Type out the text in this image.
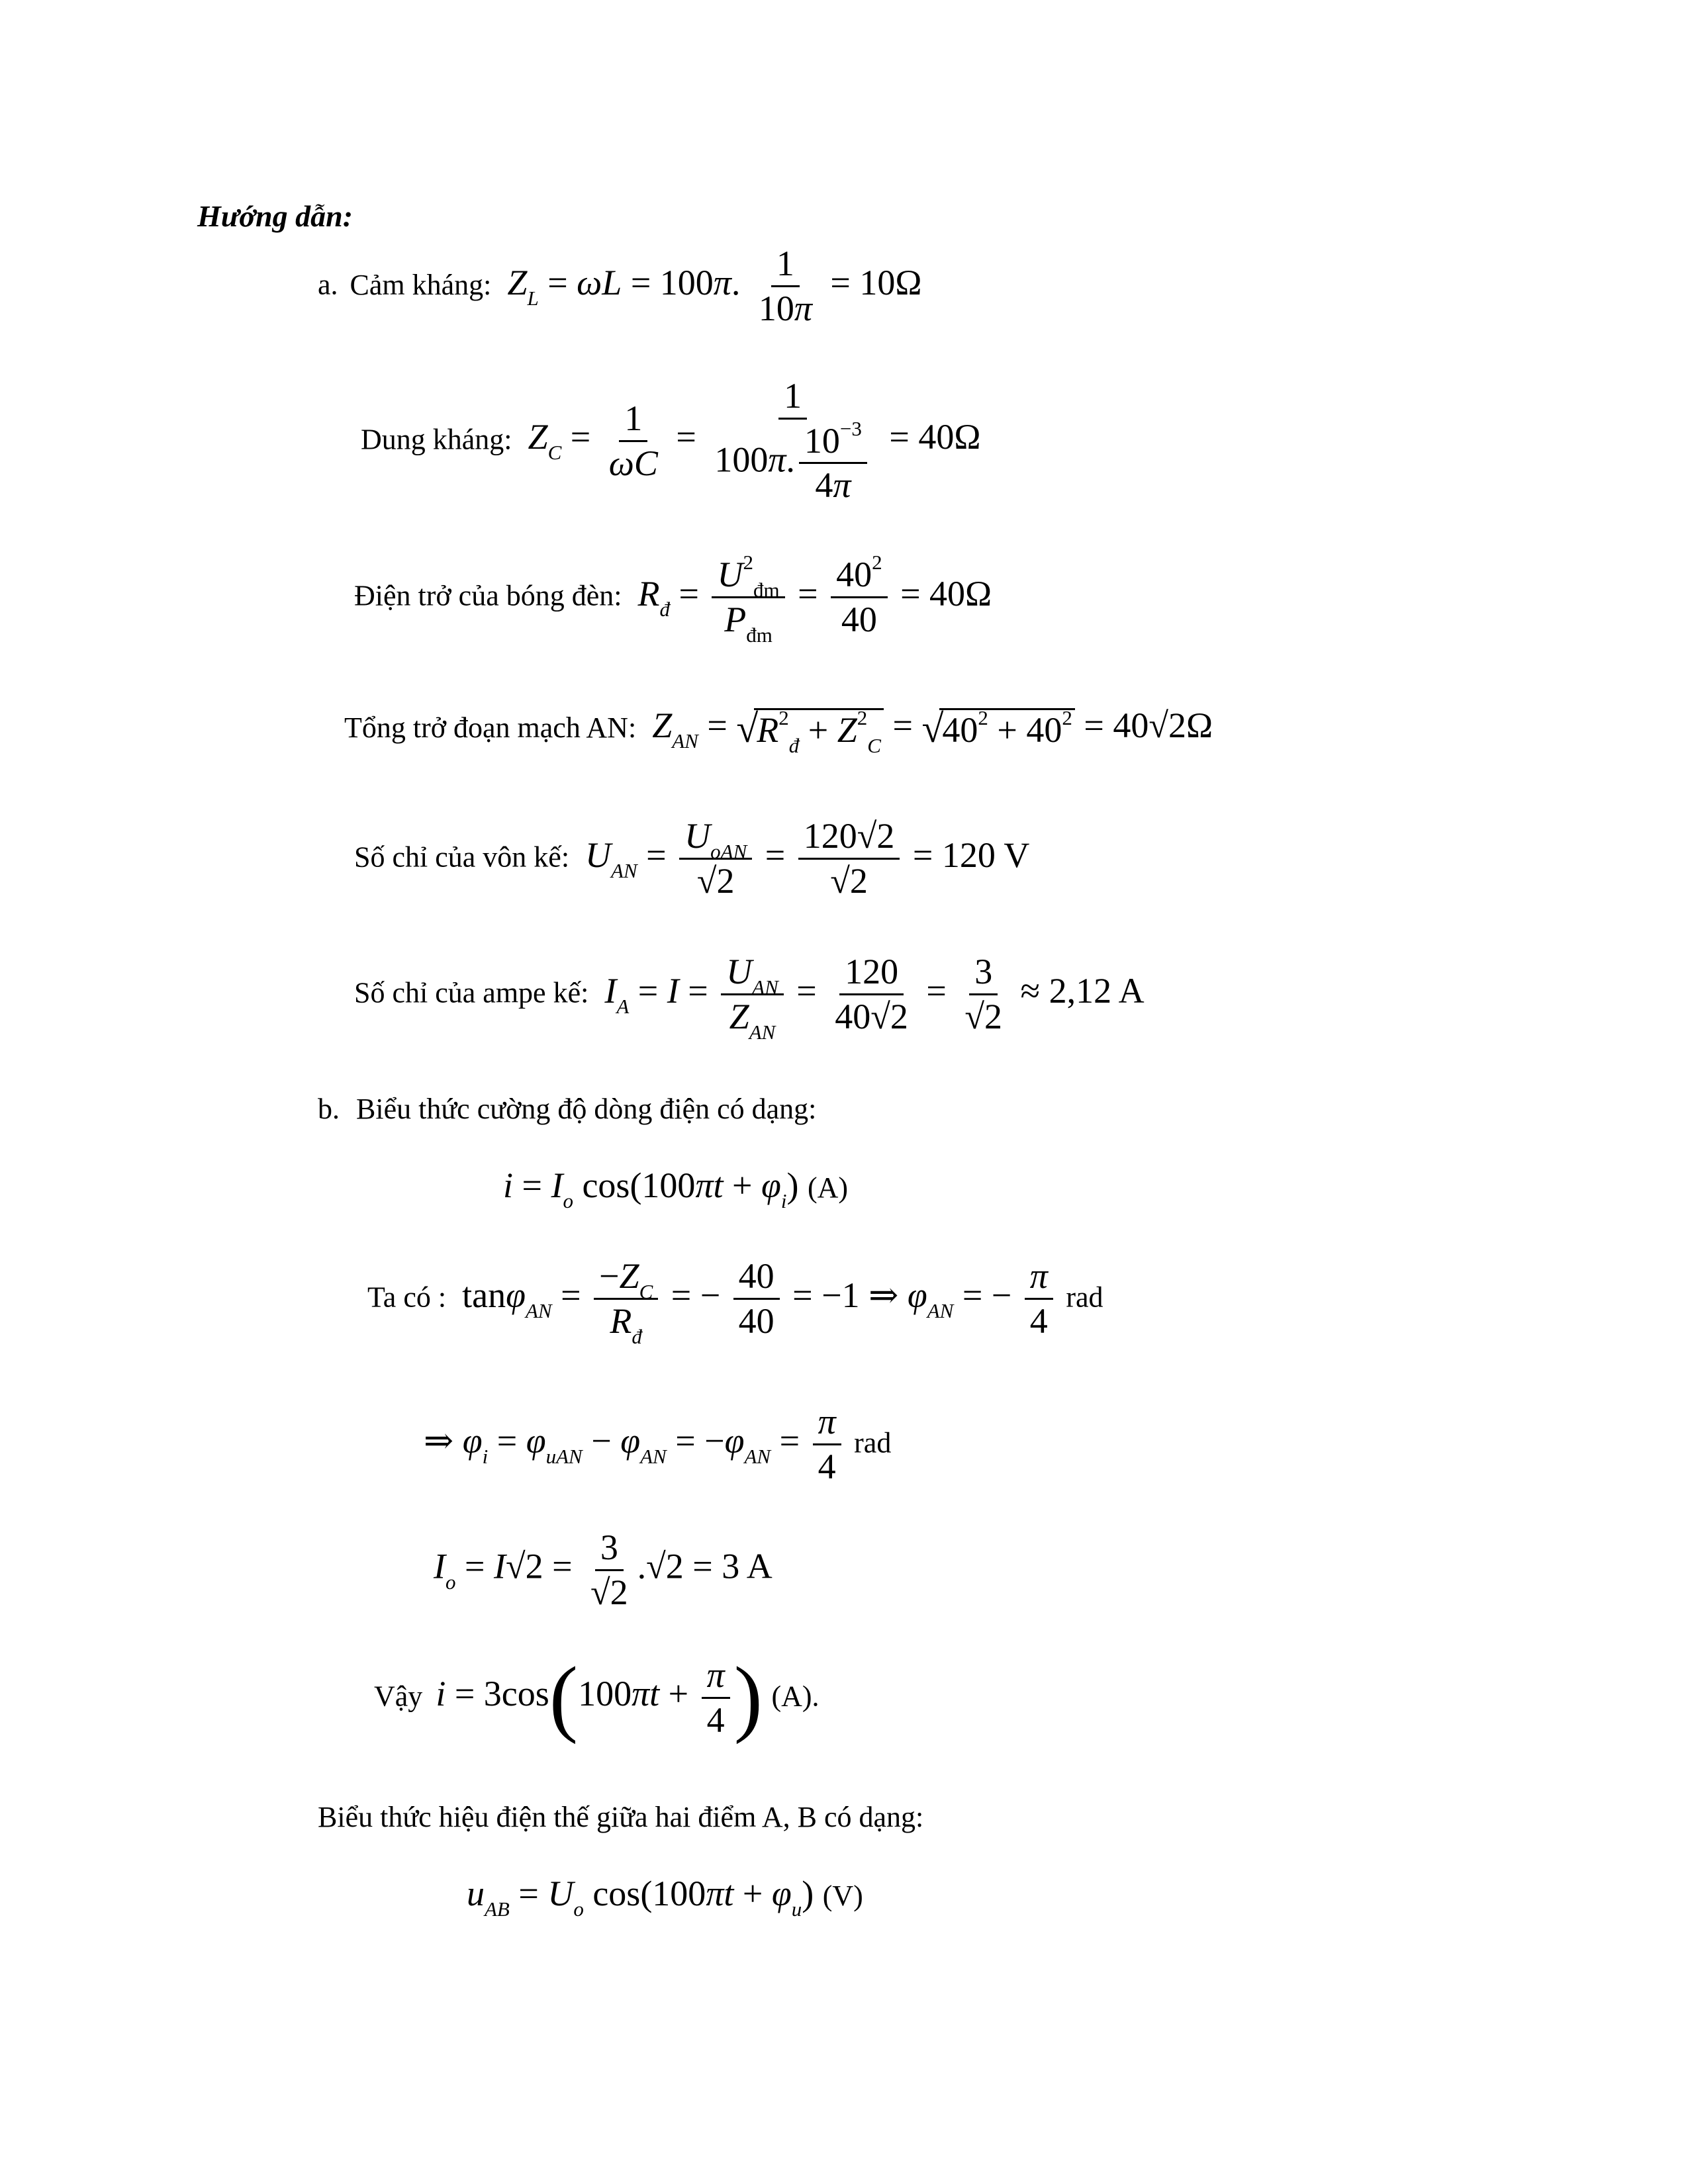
Hướng dẫn:
a. Cảm kháng: $Z_L = \omega L = 100\pi$. $\frac{1}{10\pi} = 10\Omega$
Dung kháng: $Z_C = \frac{1}{\omega C} = \frac{1}{100\pi. \frac{10^{-3}}{4\pi}} = 40\Omega$
Điện trở của bóng đèn: $R_đ = \frac{U^2_{đm}}{P_{đm}} = \frac{40^2}{40} = 40\Omega$
Tổng trở đoạn mạch AN: $Z_{AN} = √R^2_đ + Z^2_C = √40^2 + 40^2 = 40√2\Omega$
Số chỉ của vôn kế: $U_{AN} = \frac{U_{oAN}}{√2} = \frac{120√2}{√2} = 120$ V
Số chỉ của ampe kế: $I_A = I = \frac{U_{AN}}{Z_{AN}} = \frac{120}{40√2} = \frac{3}{√2} \approx 2,12$ A
b. Biểu thức cường độ dòng điện có dạng:
$i = I_o$ $\cos(100\pi t + \varphi_i)$ (A)
Ta có : $\tan\varphi_{AN} = \frac{-Z_C}{R_đ}$ = − $\frac{40}{40} = -1$ ⇒ $\varphi_{AN}$ = − $\frac{\pi}{4}$ rad
⇒ $\varphi_i = \varphi_{uAN} - \varphi_{AN} = -\varphi_{AN} = \frac{\pi}{4}$ rad
$I_o = I√2 = \frac{3}{√2} .√2 = 3$ A
Vậy $i = 3\cos(100\pi t + \frac{\pi}{4}$ ) (A).
Biểu thức hiệu điện thế giữa hai điểm A, B có dạng:
$u_{AB} = U_o$ $\cos(100\pi t + \varphi_u)$ (V)
